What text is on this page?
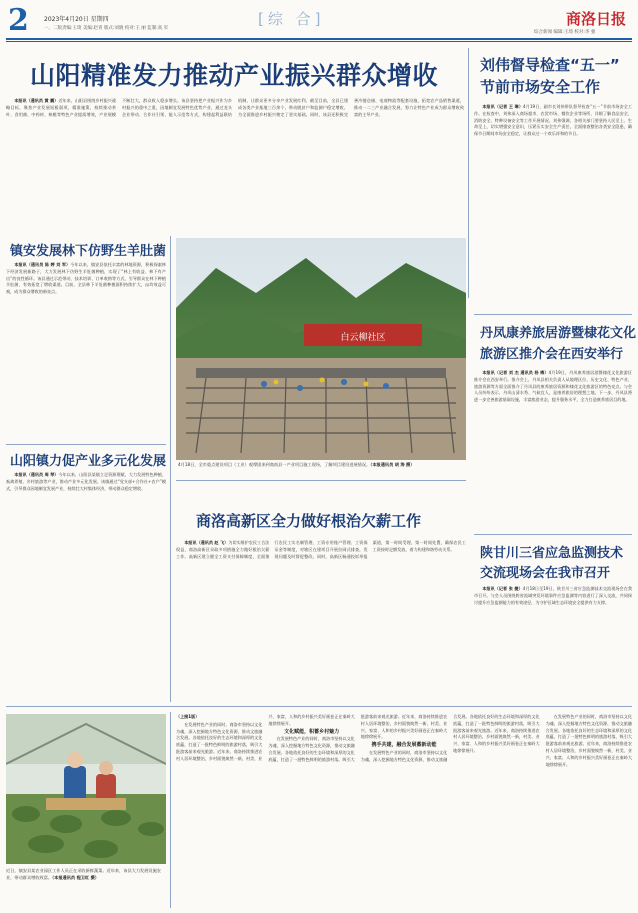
2	2023年4月20日 星期四
一、二版责编:王琦 美编:赵青 版式:刘晓 校对:王 丽 监制:高 军
[综 合]	商洛日报
综合新闻 编辑:王琦 校对:李 强
山阳精准发力推动产业振兴群众增收

本报讯（通讯员 黄 鹏）近年来，山阳县围绕乡村振兴战略目标，聚焦产业发展短板弱项，精准施策，持续推动茶叶、食用菌、中药材、核桃等特色产业提质增效，产业规模不断壮大，群众收入稳步增长。该县坚持把产业振兴作为乡村振兴的重中之重，因地制宜发展特色优势产业，通过龙头企业带动、合作社引领、能人示范等方式，构建起利益联结机制，让群众更多分享产业发展红利。截至目前，全县已建成各类产业基地三百余个，带动脱贫户和监测户稳定增收，为全面推进乡村振兴奠定了坚实基础。同时，该县还积极完善冷链仓储、电商物流等配套设施，拓宽农产品销售渠道，推动一二三产业融合发展，努力让特色产业成为群众增收致富的主导产业。

刘伟督导检查“五一”
节前市场安全工作

本报讯（记者 王 琳）4月19日，副市长刘伟带队督导检查“五一”节前市场安全工作。在检查中，刘伟深入商场超市、农贸市场、餐饮企业等场所，详细了解食品安全、消防安全、特种设备安全等工作开展情况。刘伟强调，各相关部门要坚持人民至上、生命至上，切实增强安全意识，压紧压实安全生产责任，全面排查整治各类安全隐患，确保节日期间市场安全稳定，让群众过一个欢乐祥和的节日。

丹凤康养旅居游暨棣花文化
旅游区推介会在西安举行

本报讯（记者 刘 杰 通讯员 杨 梅）4月19日，丹凤康养旅居游暨棣花文化旅游区推介会在西安举行。推介会上，丹凤县相关负责人从地理区位、历史文化、特色产业、旅游资源等方面全面推介了丹凤县的康养旅居资源和棣花文化旅游区的特色亮点。与会人员纷纷表示，丹凤山清水秀、气候宜人，是康养旅居的理想之地。下一步，丹凤县将进一步完善旅游基础设施，丰富旅游业态，提升服务水平，全力打造康养旅居目的地。

陕甘川三省应急监测技术
交流现场会在我市召开

本报讯（记者 张 捷）4月18日至19日，陕甘川三省应急监测技术交流现场会在我市召开。与会人员围绕跨省流域突发环境事件应急监测等内容进行了深入交流，共同探讨提升应急监测能力的有效途径，为守护区域生态环境安全提供有力支撑。

镇安发展林下仿野生羊肚菌

本报讯（通讯员 陈 婷 刘 军）今年以来，镇安县依托丰富的林地资源，积极探索林下经济发展新路子，大力发展林下仿野生羊肚菌种植，实现了“林上有收益、林下有产出”的良性循环。该县通过示范带动、技术培训、订单收购等方式，引导群众在林下种植羊肚菌，有效拓宽了增收渠道。目前，全县林下羊肚菌种植面积持续扩大，亩均效益可观，成为群众增收的新亮点。

山阳镇力促产业多元化发展

本报讯（通讯员 周 琴）今年以来，山阳县某镇立足资源禀赋，大力发展特色种植、畜禽养殖、乡村旅游等产业，推动产业多元化发展。该镇通过“党支部+合作社+农户”模式，引导群众因地制宜发展产业，持续壮大村集体经济，带动群众稳定增收。

白云柳社区
4月18日，全市重点建设项目（工业）观摩团来到商南县一产业项目施工现场，了解项目建设进展情况。（本报通讯员 胡 涛 摄）
商洛高新区全力做好根治欠薪工作

本报讯（通讯员 赵 飞）为切实维护农民工合法权益，商洛高新区采取多项措施全力做好根治欠薪工作。高新区建立健全工资支付保障制度，全面推行农民工实名制管理、工资专用账户管理、工资保证金等制度，对辖区在建项目开展拉网式排查，发现问题及时督促整改。同时，高新区畅通投诉举报渠道，第一时间受理、第一时间处置，确保农民工工资按时足额发放，着力构建和谐劳动关系。

近日，镇安县某农业园区工作人员正在采收新鲜蔬菜。近年来，该县大力发展设施农业，带动群众增收致富。（本报通讯员 程卫红 摄）

（上接1版）

在发展特色产业的同时，商洛市坚持以文化为魂，深入挖掘地方特色文化资源，推动文旅融合发展。各地依托良好的生态环境和深厚的文化底蕴，打造了一批特色鲜明的旅游村落，吸引大批游客前来观光旅游。近年来，商洛持续推进农村人居环境整治，乡村面貌焕然一新，村美、业兴、家富、人和的乡村振兴美好画卷正在秦岭大地徐徐展开。

文化赋能，积蓄乡村魅力

在发展特色产业的同时，商洛市坚持以文化为魂，深入挖掘地方特色文化资源，推动文旅融合发展。各地依托良好的生态环境和深厚的文化底蕴，打造了一批特色鲜明的旅游村落，吸引大批游客前来观光旅游。近年来，商洛持续推进农村人居环境整治，乡村面貌焕然一新，村美、业兴、家富、人和的乡村振兴美好画卷正在秦岭大地徐徐展开。

携手共建，融合发展蓄新动能

在发展特色产业的同时，商洛市坚持以文化为魂，深入挖掘地方特色文化资源，推动文旅融合发展。各地依托良好的生态环境和深厚的文化底蕴，打造了一批特色鲜明的旅游村落，吸引大批游客前来观光旅游。近年来，商洛持续推进农村人居环境整治，乡村面貌焕然一新，村美、业兴、家富、人和的乡村振兴美好画卷正在秦岭大地徐徐展开。

在发展特色产业的同时，商洛市坚持以文化为魂，深入挖掘地方特色文化资源，推动文旅融合发展。各地依托良好的生态环境和深厚的文化底蕴，打造了一批特色鲜明的旅游村落，吸引大批游客前来观光旅游。近年来，商洛持续推进农村人居环境整治，乡村面貌焕然一新，村美、业兴、家富、人和的乡村振兴美好画卷正在秦岭大地徐徐展开。
